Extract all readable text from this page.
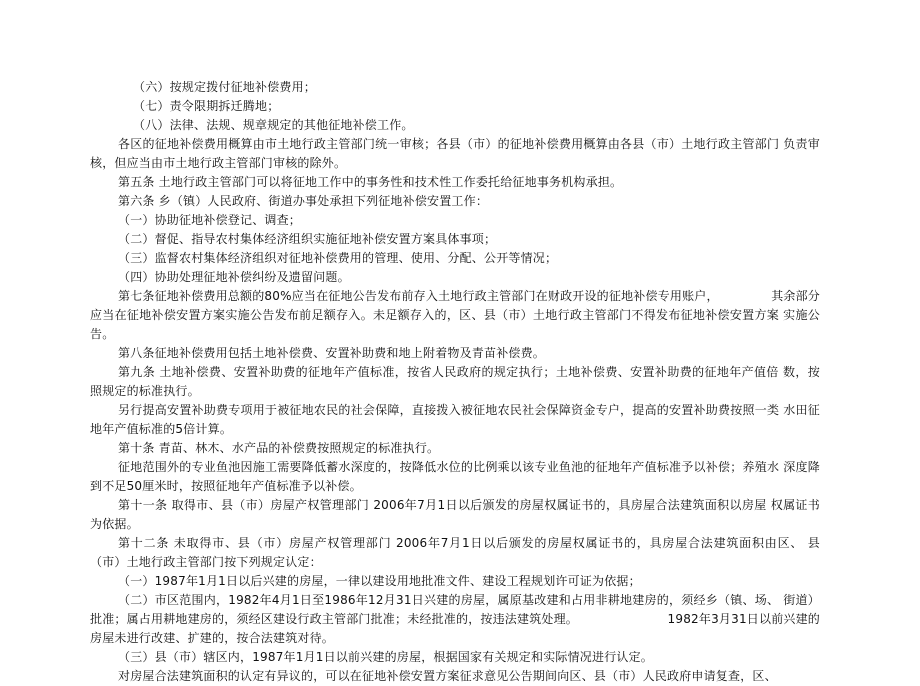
（六）按规定拨付征地补偿费用；
（七）责令限期拆迁腾地；
（八）法律、法规、规章规定的其他征地补偿工作。
各区的征地补偿费用概算由市土地行政主管部门统一审核；各县（市）的征地补偿费用概算由各县（市）土地行政主管部门 负责审
核，但应当由市土地行政主管部门审核的除外。
第五条 土地行政主管部门可以将征地工作中的事务性和技术性工作委托给征地事务机构承担。
第六条 乡（镇）人民政府、街道办事处承担下列征地补偿安置工作：
（一）协助征地补偿登记、调查；
（二）督促、指导农村集体经济组织实施征地补偿安置方案具体事项；
（三）监督农村集体经济组织对征地补偿费用的管理、使用、分配、公开等情况；
（四）协助处理征地补偿纠纷及遗留问题。
第七条征地补偿费用总额的80%应当在征地公告发布前存入土地行政主管部门在财政开设的征地补偿专用账户，	其余部分
应当在征地补偿安置方案实施公告发布前足额存入。未足额存入的，区、县（市）土地行政主管部门不得发布征地补偿安置方案 实施公
告。
第八条征地补偿费用包括土地补偿费、安置补助费和地上附着物及青苗补偿费。
第九条 土地补偿费、安置补助费的征地年产值标准，按省人民政府的规定执行；土地补偿费、安置补助费的征地年产值倍 数，按
照规定的标准执行。
另行提高安置补助费专项用于被征地农民的社会保障，直接拨入被征地农民社会保障资金专户，提高的安置补助费按照一类 水田征
地年产值标准的5倍计算。
第十条 青苗、林木、水产品的补偿费按照规定的标准执行。
征地范围外的专业鱼池因施工需要降低蓄水深度的，按降低水位的比例乘以该专业鱼池的征地年产值标准予以补偿；养殖水 深度降
到不足50厘米时，按照征地年产值标准予以补偿。
第十一条 取得市、县（市）房屋产权管理部门 2006年7月1日以后颁发的房屋权属证书的，具房屋合法建筑面积以房屋 权属证书
为依据。
第十二条 未取得市、县（市）房屋产权管理部门 2006年7月1日以后颁发的房屋权属证书的，具房屋合法建筑面积由区、 县
（市）土地行政主管部门按下列规定认定：
（一）1987年1月1日以后兴建的房屋，一律以建设用地批准文件、建设工程规划许可证为依据；
（二）市区范围内，1982年4月1日至1986年12月31日兴建的房屋，属原基改建和占用非耕地建房的，须经乡（镇、场、 街道）
批准；属占用耕地建房的，须经区建设行政主管部门批准；未经批准的，按违法建筑处理。	1982年3月31日以前兴建的
房屋未进行改建、扩建的，按合法建筑对待。
（三）县（市）辖区内，1987年1月1日以前兴建的房屋，根据国家有关规定和实际情况进行认定。
对房屋合法建筑面积的认定有异议的，可以在征地补偿安置方案征求意见公告期间向区、县（市）人民政府申请复查，区、
